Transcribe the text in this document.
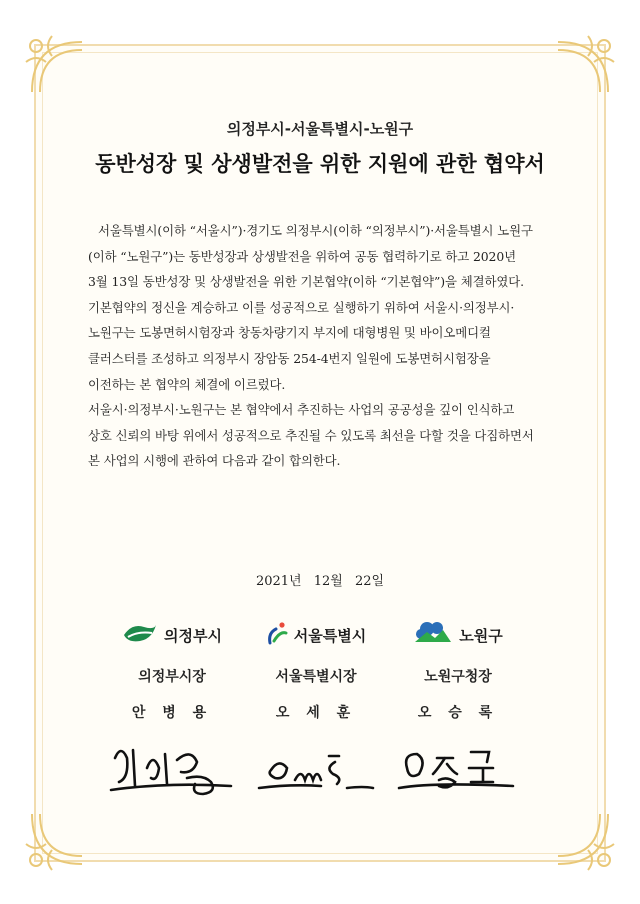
의정부시-서울특별시-노원구
동반성장 및 상생발전을 위한 지원에 관한 협약서
서울특별시(이하 “서울시”)·경기도 의정부시(이하 “의정부시”)·서울특별시 노원구
(이하 “노원구”)는 동반성장과 상생발전을 위하여 공동 협력하기로 하고 2020년
3월 13일 동반성장 및 상생발전을 위한 기본협약(이하 “기본협약”)을 체결하였다.
기본협약의 정신을 계승하고 이를 성공적으로 실행하기 위하여 서울시·의정부시·
노원구는 도봉면허시험장과 창동차량기지 부지에 대형병원 및 바이오메디컬
클러스터를 조성하고 의정부시 장암동 254-4번지 일원에 도봉면허시험장을
이전하는 본 협약의 체결에 이르렀다.
서울시·의정부시·노원구는 본 협약에서 추진하는 사업의 공공성을 깊이 인식하고
상호 신뢰의 바탕 위에서 성공적으로 추진될 수 있도록 최선을 다할 것을 다짐하면서
본 사업의 시행에 관하여 다음과 같이 합의한다.
2021년 12월 22일
의정부시
의정부시장
안 병 용
서울특별시
서울특별시장
오 세 훈
노원구
노원구청장
오 승 록
